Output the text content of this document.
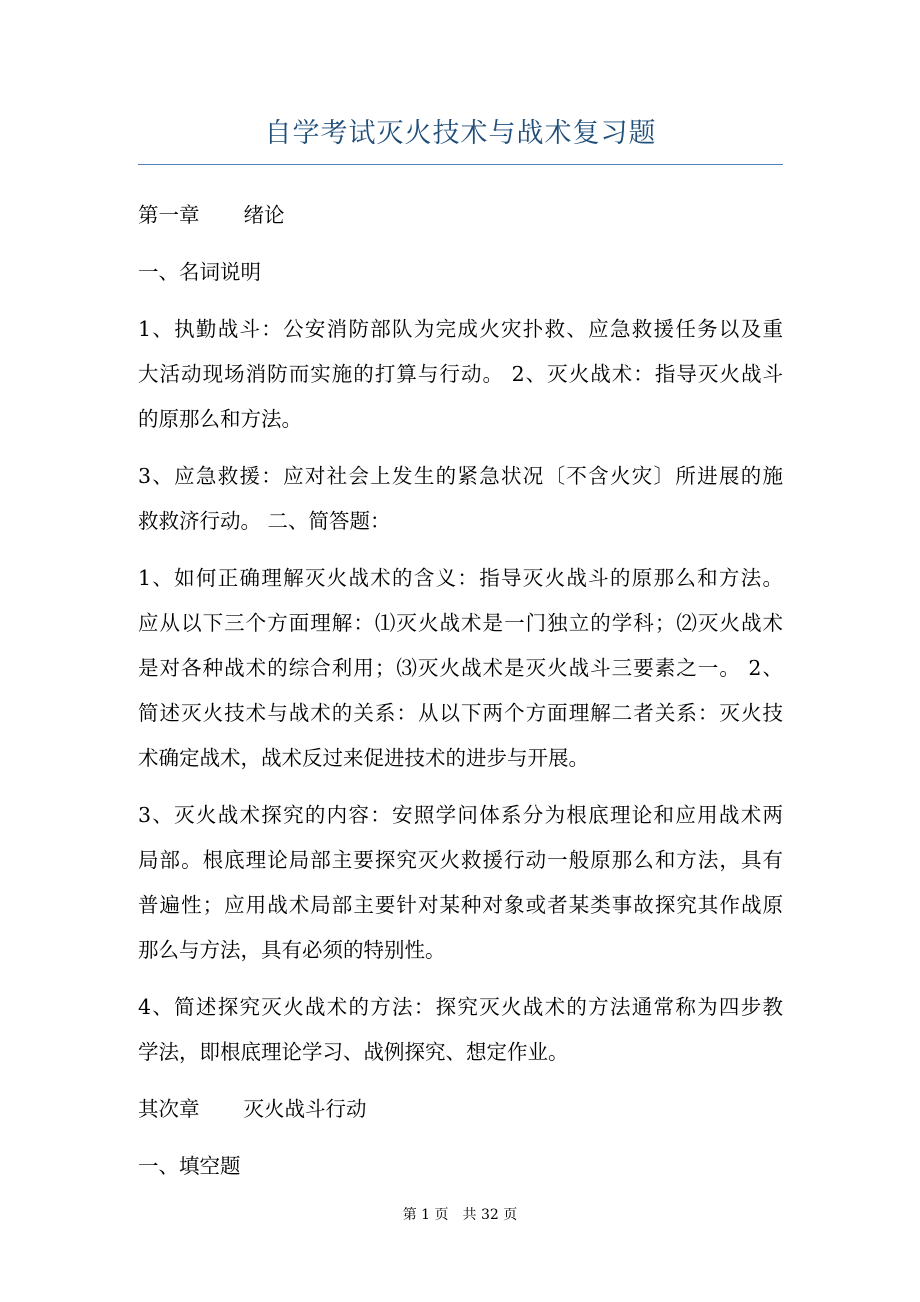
自学考试灭火技术与战术复习题
第一章 绪论
一、名词说明
1、执勤战斗：公安消防部队为完成火灾扑救、应急救援任务以及重
大活动现场消防而实施的打算与行动。 2、灭火战术：指导灭火战斗
的原那么和方法。
3、应急救援：应对社会上发生的紧急状况〔不含火灾〕所进展的施
救救济行动。 二、简答题：
1、如何正确理解灭火战术的含义：指导灭火战斗的原那么和方法。
应从以下三个方面理解：⑴灭火战术是一门独立的学科；⑵灭火战术
是对各种战术的综合利用；⑶灭火战术是灭火战斗三要素之一。 2、
简述灭火技术与战术的关系：从以下两个方面理解二者关系：灭火技
术确定战术，战术反过来促进技术的进步与开展。
3、灭火战术探究的内容：安照学问体系分为根底理论和应用战术两
局部。根底理论局部主要探究灭火救援行动一般原那么和方法，具有
普遍性；应用战术局部主要针对某种对象或者某类事故探究其作战原
那么与方法，具有必须的特别性。
4、简述探究灭火战术的方法：探究灭火战术的方法通常称为四步教
学法，即根底理论学习、战例探究、想定作业。
其次章 灭火战斗行动
一、填空题
第 1 页 共 32 页
